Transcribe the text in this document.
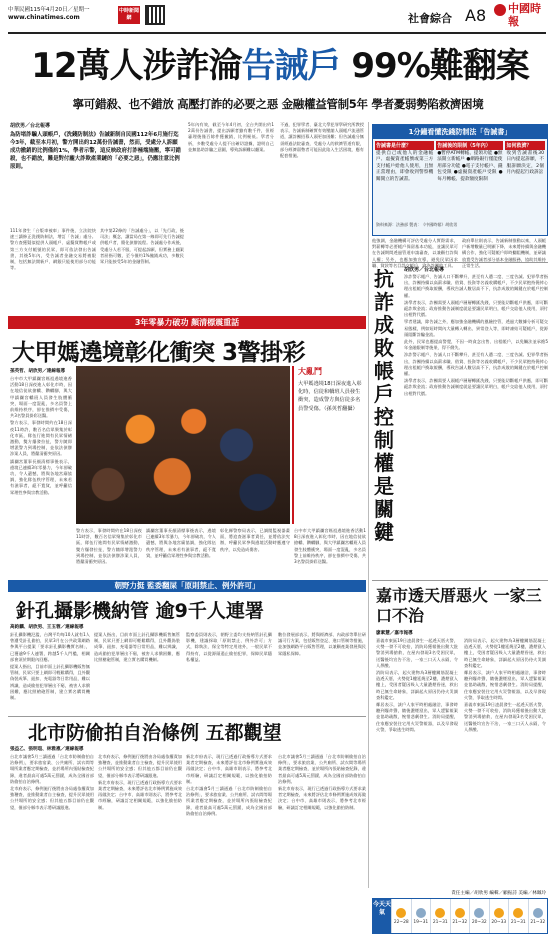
中華民國115年4月20日／星期一
www.chinatimes.com
中時新聞網	社會綜合 A8 中國時報
12萬人涉詐淪告誡戶 99%難翻案
寧可錯殺、也不錯放 高壓打詐的必要之惡 金融權益管制5年 學者憂弱勢陷救濟困境
胡欣男／台北報導
為防堵詐騙人頭帳戶，《洗錢防制法》告誡新制自民國112年6月施行迄今3年，截至本月初，警方開出約12萬份告誡書，然而，受處分人訴願成功撤銷的比例僅約1%，學者示警，這反映政府打詐極端施壓，寧可錯殺，也不錯放，難是對付龐大詐欺產業鏈的「必要之惡」，仍應注意比例原則。
111年發生「台版車被車」事件後，立法院快速三讀修正洗錢防制法，增訂「告誡」處分。警方查獲疑似提供人頭帳戶、虛擬貨幣帳戶或第三方支付帳號的民眾，即可依法發出告誡書，其後5年內，受告誡者金融交易將被限制，包括無法開新戶、網銀只能使用部分功能等。
其中第22條的「告誡處分」，以「先行政，後司法」概念，讓當局在第一線即可先行告誡提供帳戶者，簡化偵辦流程。告誡處分作成後，受處分人若不服，可提起訴願，但實務上翻案者屈指可數，至今僅約1%撤銷成功，多數民眾只能接受5年的金融管制。
5年內有效，截至今年4月初，全台共開出約12萬份告誡書，提出訴願者雖有數千件，但經審理後僅百餘件獲撤銷，比例極低。學者分析，多數受處分人提不出確切證據，證明自己並無協助詐騙之意圖，導致訴願難以翻案。
不過，犯罪學者、臺北大學犯罪學研究所教授表示，告誡新制確實有效壓縮人頭帳戶流通管道，讓詐團招募人頭更加困難；但告誡處分無須經過法院審查，受處分人的救濟管道有限，部分經濟弱勢者可能因此陷入生活困境，應有配套措施。
他強調，金融機構可評估受處分人實際需求，對薪轉等必要帳戶保留基本功能，並讓民眾可在告誡期間透過管道申請審查，以兼顧打詐與人權；另外，也應加強宣導，避免民眾因求職、貸款等名目誤交帳戶，淪為詐團的工具。
政府單位則表示，告誡新制推動以來，人頭帳戶新增數量已明顯下降，未來將持續與金融機構合作，強化可疑帳戶即時攔阻機制，並研議放寬受告誡者部分基本金融服務，協助其維持正常生活。
1分鐘看懂洗錢防制法「告誡書」
告誡書是什麼？
提供自己或他人的金融帳戶、虛擬資產帳號或第三方支付帳戶給他人使用，且無正當理由，即會收到警察機關開立的告誡書。
告誡後的限制（5年內）
●暫停ATM轉帳、提領功能 ●無法開立新帳戶 ●網路銀行僅能使用部分功能 ●電子支付帳戶、錢包受限 ●虛擬資產帳戶受限 ●每月轉帳、提款額度限制
如何救濟？
收到告誡書後30日內提起訴願，不服訴願決定，2個月內提起行政訴訟
資料來源：法務部 製表：《中國時報》胡欣男
抗詐成敗 帳戶控制權是關鍵
胡欣男／台北報導

涉詐警示帳戶、告誡人口不斷攀升，甚至有人遭二度、三度告誡。犯罪學者指出，詐團持續以高薪求職、借貸、投資等名義收購帳戶，不少民眾抱持僥倖心理出租帳戶換取報酬，導致告誡人數居高不下，抗詐成敗的關鍵在於帳戶控制權。

該學者表示，詐團需要人頭帳戶層層轉匯洗錢，只要能切斷帳戶供應，即可斷絕詐欺金流；政府推動告誡制度就是要讓民眾明白，帳戶交給他人使用，須付出相對代價。

學者建議，除告誡之外，應加強金融機構的風險控管，透過大數據分析可疑交易態樣，例如短時間內大量轉入轉出、異常登入等，即時凍結可疑帳戶，從源頭阻斷詐騙金流。

此外，民眾也應提高警覺，不因一時貪念出售、出租帳戶，以免觸法並承擔5年金融限制等後果，得不償失。

涉詐警示帳戶、告誡人口不斷攀升，甚至有人遭二度、三度告誡。犯罪學者指出，詐團持續以高薪求職、借貸、投資等名義收購帳戶，不少民眾抱持僥倖心理出租帳戶換取報酬，導致告誡人數居高不下，抗詐成敗的關鍵在於帳戶控制權。

該學者表示，詐團需要人頭帳戶層層轉匯洗錢，只要能切斷帳戶供應，即可斷絕詐欺金流；政府推動告誡制度就是要讓民眾明白，帳戶交給他人使用，須付出相對代價。

3年零暴力破功 顏清標震重話
大甲媽遶境彰化衝突 3警掛彩
孫英哲、胡欣男／連線報導

台中市大甲鎮瀾宮媽祖遶境進香活動18日深夜進入彰化市時，因在地信徒欲搶轎、鑽轎腳，與大甲鎮瀾宮轎班人員發生肢體衝突，場面一度混亂，多名員警上前維持秩序，卻在推擠中受傷，共3名警員掛彩送醫。

警方表示，事發時間約在18日深夜11時許，數百名信眾聚集於彰化市區，隊伍行進間有民眾情緒激動，雙方爆發拉扯，警方隨即增派警力到場控制，並依法偵辦涉案人員，將釐清衝突原因。

鎮瀾宮董事長顏清標事後表示，遶境已連續3年零暴力，今年卻破功，令人遺憾，將與各地宮廟協調，強化隊伍秩序管理，未來若有滋事者，絕不寬貸，並呼籲信眾理性參與宗教活動。

大亂鬥
大甲媽遶境18日深夜進入彰化時，信徒和轎班人員發生衝突，造成警方與信徒多名員警受傷。（孫英哲翻攝）
警方表示，事發時間約在18日深夜11時許，數百名信眾聚集於彰化市區，隊伍行進間有民眾情緒激動，雙方爆發拉扯，警方隨即增派警力到場控制，並依法偵辦涉案人員，將釐清衝突原因。
鎮瀾宮董事長顏清標事後表示，遶境已連續3年零暴力，今年卻破功，令人遺憾，將與各地宮廟協調，強化隊伍秩序管理，未來若有滋事者，絕不寬貸，並呼籲信眾理性參與宗教活動。
彰化縣警察局表示，已調閱監視器畫面，將追查滋事者責任，並將依法究辦，呼籲民眾參與遶境活動時應遵守秩序，以免造成傷害。
台中市大甲鎮瀾宮媽祖遶境進香活動18日深夜進入彰化市時，因在地信徒欲搶轎、鑽轎腳，與大甲鎮瀾宮轎班人員發生肢體衝突，場面一度混亂，多名員警上前維持秩序，卻在推擠中受傷，共3名警員掛彩送醫。
朝野力挺 監委翻屎「原則禁止、例外許可」
針孔攝影機納管 逾9千人連署
高鈞麟、胡欣男、王玉蓉／連線報導

針孔攝影機氾濫，台灣平均每10人就有1人曾遭受針孔偷拍，民眾3月在公共政策網路參與平台提案「要求針孔攝影機實名制」，已獲逾9千人連署，跨越5千人門檻，相關部會須於期限內回應。

提案人指出，目前市面上針孔攝影機販售無管制，民眾只要上網即可輕鬆購得，且外觀偽裝成筆、鈕扣、充電器等日常用品，難以辨識，造成偷拍犯罪層出不窮，被害人求償困難，應比照槍砲管制，建立實名購買機制。

提案人指出，目前市面上針孔攝影機販售無管制，民眾只要上網即可輕鬆購得，且外觀偽裝成筆、鈕扣、充電器等日常用品，難以辨識，造成偷拍犯罪層出不窮，被害人求償困難，應比照槍砲管制，建立實名購買機制。
監察委員則表示，朝野立委均支持納管針孔攝影機，建議採取「原則禁止、例外許可」方式，除執法、保全等特定用途外，一般民眾不得持有，以從源頭遏止偷拍犯罪，保障民眾隱私權益。
數位發展部表示，將與經濟部、內政部等單位研議可行方案，包括販售登記、進口管制等措施，並加強網路平台販售管理，以兼顧產業發展與民眾隱私保障。
北市防偷拍自治條例 五都觀望
張益乙、張明瑄、林雅惠／連線報導

台北市議會5月三讀通過「台北市防制偷拍自治條例」，要求旅宿業、公共廁所、試衣間等場所業者應定期檢查，並於場所內張貼檢查紀錄，違者最高可處5萬元罰鍰，成為全國首部防偷拍自治條例。

北市府表示，條例施行後將由各局處依權責加強稽查，並推動業者自主檢查，提升民眾使用公共場所的安全感；但其他五都目前仍在觀望，僅部分縣市表示將研議跟進。

北市府表示，條例施行後將由各局處依權責加強稽查，並推動業者自主檢查，提升民眾使用公共場所的安全感；但其他五都目前仍在觀望，僅部分縣市表示將研議跟進。

新北市府表示，現行已透過行政指導方式要求業者定期檢查，未來將評估北市條例實施成效再做決定；台中市、高雄市則表示，將參考北市經驗，研議訂定相關規範，以強化偷拍防制。

新北市府表示，現行已透過行政指導方式要求業者定期檢查，未來將評估北市條例實施成效再做決定；台中市、高雄市則表示，將參考北市經驗，研議訂定相關規範，以強化偷拍防制。

台北市議會5月三讀通過「台北市防制偷拍自治條例」，要求旅宿業、公共廁所、試衣間等場所業者應定期檢查，並於場所內張貼檢查紀錄，違者最高可處5萬元罰鍰，成為全國首部防偷拍自治條例。

台北市議會5月三讀通過「台北市防制偷拍自治條例」，要求旅宿業、公共廁所、試衣間等場所業者應定期檢查，並於場所內張貼檢查紀錄，違者最高可處5萬元罰鍰，成為全國首部防偷拍自治條例。

新北市府表示，現行已透過行政指導方式要求業者定期檢查，未來將評估北市條例實施成效再做決定；台中市、高雄市則表示，將參考北市經驗，研議訂定相關規範，以強化偷拍防制。

嘉市透天厝惡火 一家三口不治
廖素慧／嘉市報導

嘉義市東區19日凌晨發生一起透天厝火警，火勢一發不可收拾，消防局獲報後出動大批警消到場搶救，在屋內發現3名受困民眾，送醫後均宣告不治，一家三口天人永隔，令人鼻酸。

消防局表示，起火建物為3層樓鋼筋混凝土造透天厝，火勢從1樓延燒至2樓，濃煙竄入樓上，受困者疑因吸入大量濃煙昏迷，救出時已無生命跡象，詳細起火原因仍待火災調查科鑑定。

鄰居表示，該戶人家平時相處融洽，事發時聽到爆炸聲，隨後濃煙竄出，眾人趕緊報案並協助疏散，惋惜悲劇發生。消防局提醒，住家應安裝住宅用火災警報器，以及早發現火警，爭取逃生時間。

消防局表示，起火建物為3層樓鋼筋混凝土造透天厝，火勢從1樓延燒至2樓，濃煙竄入樓上，受困者疑因吸入大量濃煙昏迷，救出時已無生命跡象，詳細起火原因仍待火災調查科鑑定。

鄰居表示，該戶人家平時相處融洽，事發時聽到爆炸聲，隨後濃煙竄出，眾人趕緊報案並協助疏散，惋惜悲劇發生。消防局提醒，住家應安裝住宅用火災警報器，以及早發現火警，爭取逃生時間。

嘉義市東區19日凌晨發生一起透天厝火警，火勢一發不可收拾，消防局獲報後出動大批警消到場搶救，在屋內發現3名受困民眾，送醫後均宣告不治，一家三口天人永隔，令人鼻酸。

責任主編／胡欣男 編輯／顧振詩 美編／林珮玲
今天天氣
22~28 19~31 21~31 21~32 20~32 20~33 21~31 21~32
